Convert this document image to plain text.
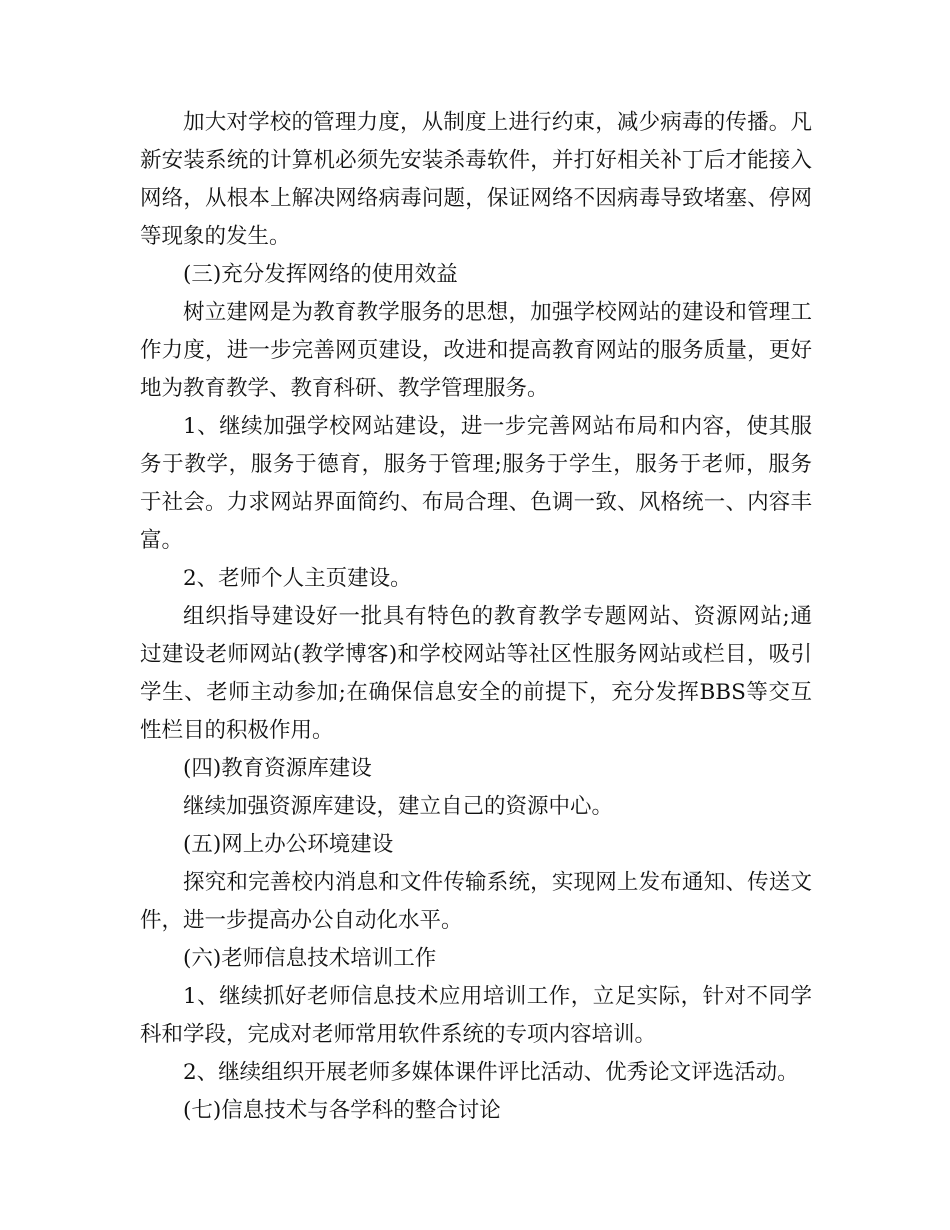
加大对学校的管理力度，从制度上进行约束，减少病毒的传播。凡新安装系统的计算机必须先安装杀毒软件，并打好相关补丁后才能接入网络，从根本上解决网络病毒问题，保证网络不因病毒导致堵塞、停网等现象的发生。

(三)充分发挥网络的使用效益

树立建网是为教育教学服务的思想，加强学校网站的建设和管理工作力度，进一步完善网页建设，改进和提高教育网站的服务质量，更好地为教育教学、教育科研、教学管理服务。

1、继续加强学校网站建设，进一步完善网站布局和内容，使其服务于教学，服务于德育，服务于管理;服务于学生，服务于老师，服务于社会。力求网站界面简约、布局合理、色调一致、风格统一、内容丰富。

2、老师个人主页建设。

组织指导建设好一批具有特色的教育教学专题网站、资源网站;通过建设老师网站(教学博客)和学校网站等社区性服务网站或栏目，吸引学生、老师主动参加;在确保信息安全的前提下，充分发挥BBS等交互性栏目的积极作用。

(四)教育资源库建设

继续加强资源库建设，建立自己的资源中心。

(五)网上办公环境建设

探究和完善校内消息和文件传输系统，实现网上发布通知、传送文件，进一步提高办公自动化水平。

(六)老师信息技术培训工作

1、继续抓好老师信息技术应用培训工作，立足实际，针对不同学科和学段，完成对老师常用软件系统的专项内容培训。

2、继续组织开展老师多媒体课件评比活动、优秀论文评选活动。

(七)信息技术与各学科的整合讨论
